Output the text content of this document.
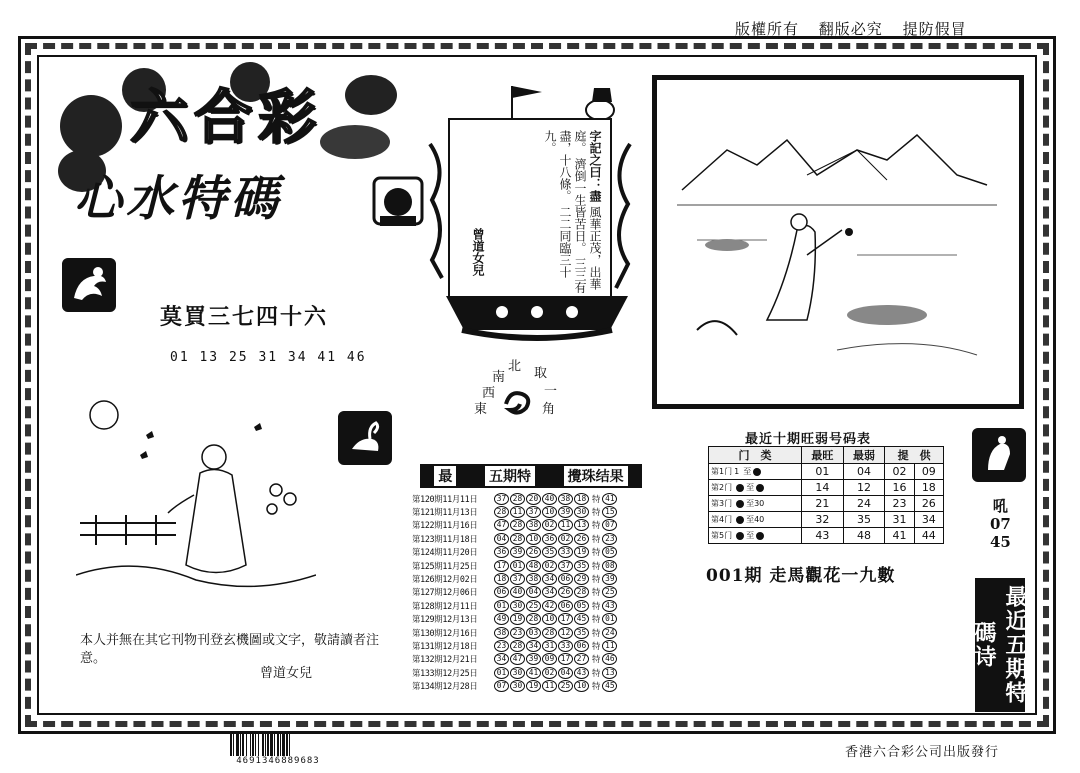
版權所有 翻版必究 提防假冒
六合彩
心水特碼
莫買三七四十六
01 13 25 31 34 41 46
字記之曰：盡 風華正茂，出華庭。 濟倒一生皆苦日。 三三有盡，十八條。 二二同臨三十九。
曾道女兒
北 取
南
一
西
東	角
本人并無在其它刊物刊登玄機圖或文字，敬請讀者注意。
曾道女兒
最	五期特	攪珠结果
第120期11月11日	37 28 20 40 38 18 特 41
第121期11月13日	28 11 37 10 39 30 特 15
第122期11月16日	47 28 38 02 11 13 特 07
第123期11月18日	04 28 10 36 02 26 特 23
第124期11月20日	36 39 26 35 33 19 特 05
第125期11月25日	17 01 48 02 37 35 特 08
第126期12月02日	18 37 38 34 06 29 特 39
第127期12月06日	06 40 04 34 26 28 特 25
第128期12月11日	01 30 25 42 06 05 特 43
第129期12月13日	49 19 28 10 17 45 特 01
第130期12月16日	38 23 03 28 12 35 特 24
第131期12月18日	23 28 34 31 33 06 特 11
第132期12月21日	34 47 39 09 17 27 特 46
第133期12月25日	01 30 41 02 04 43 特 13
第134期12月28日	07 30 19 11 25 10 特 45
最近十期旺弱号码表
门　类	最旺	最弱	提　供	
第1门 1 至	01	04	02	09
第2门 至	14	12	16	18
第3门 至30	21	24	23	26
第4门 至40	32	35	31	34
第5门 至	43	48	41	44
001期 走馬觀花一九數
吼
07
45
最近五期特碼诗
4691346889683
香港六合彩公司出版發行
